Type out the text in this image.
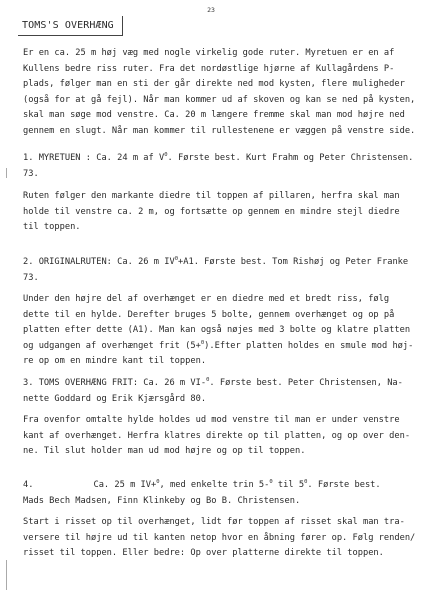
23
TOMS'S OVERHÆNG
Er en ca. 25 m høj væg med nogle virkelig gode ruter. Myretuen er en af
Kullens bedre riss ruter. Fra det nordøstlige hjørne af Kullagårdens P-
plads, følger man en sti der går direkte ned mod kysten, flere muligheder
(også for at gå fejl). Når man kommer ud af skoven og kan se ned på kysten,
skal man søge mod venstre. Ca. 20 m længere fremme skal man mod højre ned
gennem en slugt. Når man kommer til rullestenene er væggen på venstre side.
1. MYRETUEN : Ca. 24 m af $V^0$. Første best. Kurt Frahm og Peter Christensen.
73.
Ruten følger den markante diedre til toppen af pillaren, herfra skal man
holde til venstre ca. 2 m, og fortsætte op gennem en mindre stejl diedre
til toppen.
2. ORIGINALRUTEN: Ca. 26 m $IV^0+A1$. Første best. Tom Rishøj og Peter Franke
73.
Under den højre del af overhænget er en diedre med et bredt riss, følg
dette til en hylde. Derefter bruges 5 bolte, gennem overhænget og op på
platten efter dette (A1). Man kan også nøjes med 3 bolte og klatre platten
og udgangen af overhænget frit (5+$^0$).Efter platten holdes en smule mod høj-
re op om en mindre kant til toppen.
3. TOMS OVERHÆNG FRIT: Ca. 26 m VI-$^0$. Første best. Peter Christensen, Na-
nette Goddard og Erik Kjærsgård 80.
Fra ovenfor omtalte hylde holdes ud mod venstre til man er under venstre
kant af overhænget. Herfra klatres direkte op til platten, og op over den-
ne. Til slut holder man ud mod højre og op til toppen.
4.	Ca. 25 m IV+$^0$, med enkelte trin 5-$^0$ til $5^0$. Første best.
Mads Bech Madsen, Finn Klinkeby og Bo B. Christensen.
Start i risset op til overhænget, lidt før toppen af risset skal man tra-
versere til højre ud til kanten netop hvor en åbning fører op. Følg renden/
risset til toppen. Eller bedre: Op over platterne direkte til toppen.
